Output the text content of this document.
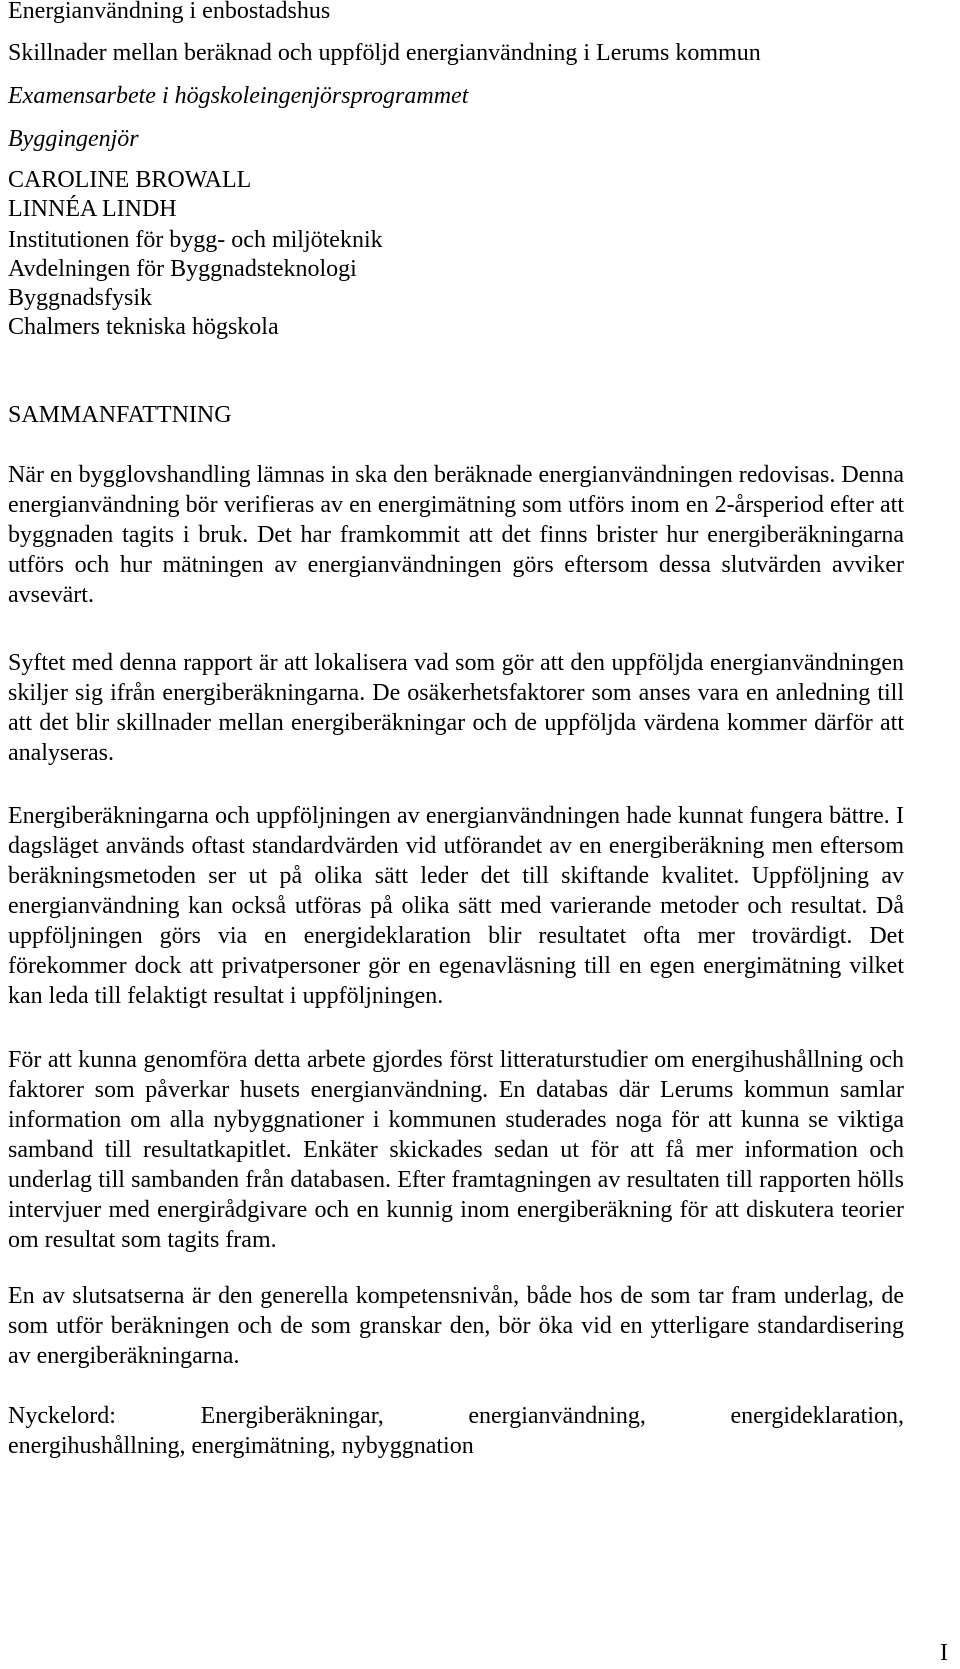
Energianvändning i enbostadshus

Skillnader mellan beräknad och uppföljd energianvändning i Lerums kommun

Examensarbete i högskoleingenjörsprogrammet

Byggingenjör

CAROLINE BROWALL

LINNÉA LINDH

Institutionen för bygg- och miljöteknik

Avdelningen för Byggnadsteknologi

Byggnadsfysik

Chalmers tekniska högskola

SAMMANFATTNING

När en bygglovshandling lämnas in ska den beräknade energianvändningen redovisas. Denna energianvändning bör verifieras av en energimätning som utförs inom en 2-årsperiod efter att byggnaden tagits i bruk. Det har framkommit att det finns brister hur energiberäkningarna utförs och hur mätningen av energianvändningen görs eftersom dessa slutvärden avviker avsevärt.

Syftet med denna rapport är att lokalisera vad som gör att den uppföljda energianvändningen skiljer sig ifrån energiberäkningarna. De osäkerhetsfaktorer som anses vara en anledning till att det blir skillnader mellan energiberäkningar och de uppföljda värdena kommer därför att analyseras.

Energiberäkningarna och uppföljningen av energianvändningen hade kunnat fungera bättre. I dagsläget används oftast standardvärden vid utförandet av en energiberäkning men eftersom beräkningsmetoden ser ut på olika sätt leder det till skiftande kvalitet. Uppföljning av energianvändning kan också utföras på olika sätt med varierande metoder och resultat. Då uppföljningen görs via en energideklaration blir resultatet ofta mer trovärdigt. Det förekommer dock att privatpersoner gör en egenavläsning till en egen energimätning vilket kan leda till felaktigt resultat i uppföljningen.

För att kunna genomföra detta arbete gjordes först litteraturstudier om energihushållning och faktorer som påverkar husets energianvändning. En databas där Lerums kommun samlar information om alla nybyggnationer i kommunen studerades noga för att kunna se viktiga samband till resultatkapitlet. Enkäter skickades sedan ut för att få mer information och underlag till sambanden från databasen. Efter framtagningen av resultaten till rapporten hölls intervjuer med energirådgivare och en kunnig inom energiberäkning för att diskutera teorier om resultat som tagits fram.

En av slutsatserna är den generella kompetensnivån, både hos de som tar fram underlag, de som utför beräkningen och de som granskar den, bör öka vid en ytterligare standardisering av energiberäkningarna.

Nyckelord:	Energiberäkningar,	energianvändning,	energideklaration,
energihushållning, energimätning, nybyggnation
I
